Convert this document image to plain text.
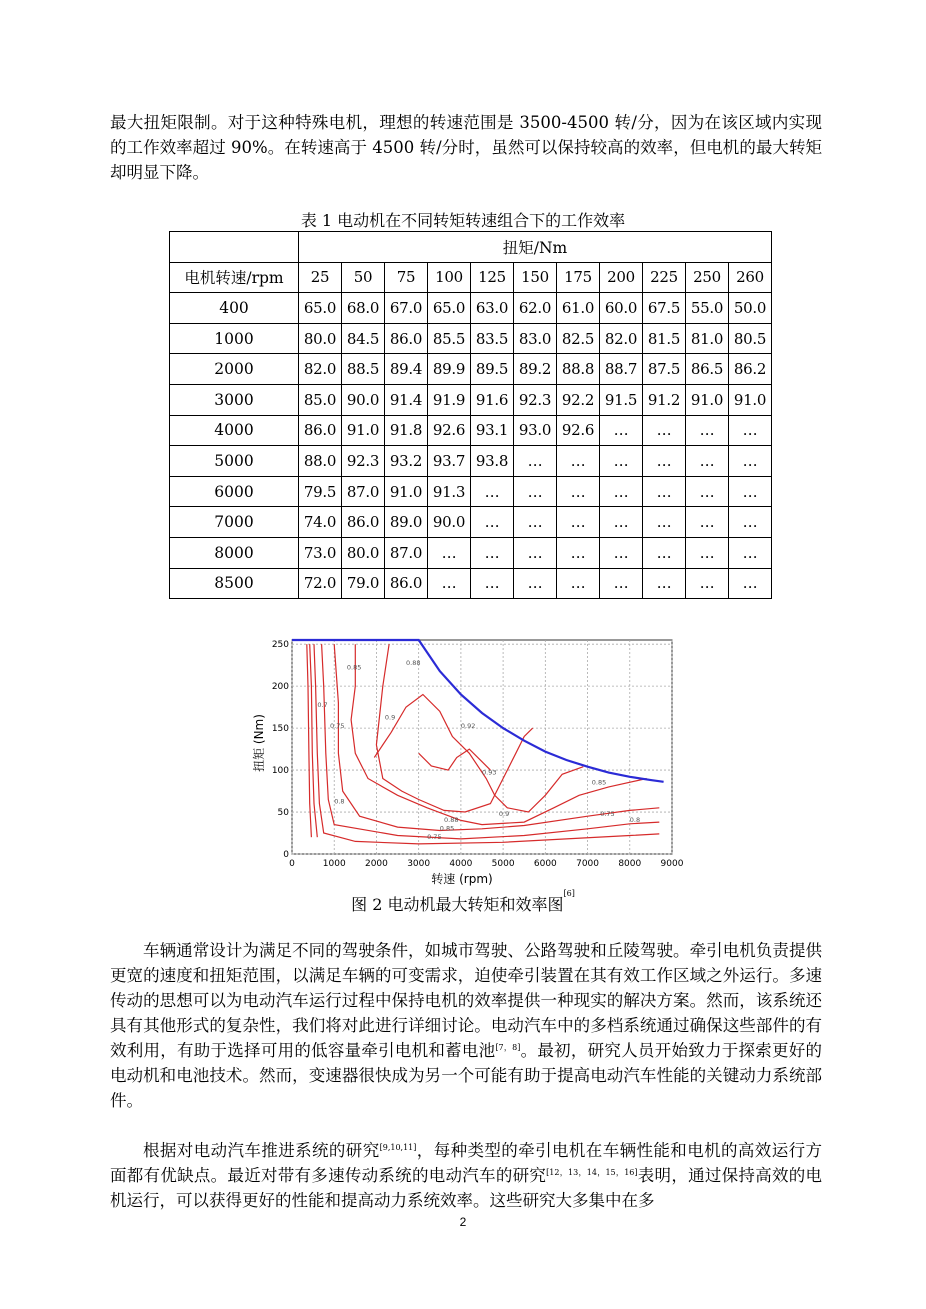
最大扭矩限制。对于这种特殊电机，理想的转速范围是 3500-4500 转/分，因为在该区域内实现的工作效率超过 90%。在转速高于 4500 转/分时，虽然可以保持较高的效率，但电机的最大转矩却明显下降。

表 1 电动机在不同转矩转速组合下的工作效率
	扭矩/Nm										
电机转速/rpm	25	50	75	100	125	150	175	200	225	250	260
400	65.0	68.0	67.0	65.0	63.0	62.0	61.0	60.0	67.5	55.0	50.0
1000	80.0	84.5	86.0	85.5	83.5	83.0	82.5	82.0	81.5	81.0	80.5
2000	82.0	88.5	89.4	89.9	89.5	89.2	88.8	88.7	87.5	86.5	86.2
3000	85.0	90.0	91.4	91.9	91.6	92.3	92.2	91.5	91.2	91.0	91.0
4000	86.0	91.0	91.8	92.6	93.1	93.0	92.6	…	…	…	…
5000	88.0	92.3	93.2	93.7	93.8	…	…	…	…	…	…
6000	79.5	87.0	91.0	91.3	…	…	…	…	…	…	…
7000	74.0	86.0	89.0	90.0	…	…	…	…	…	…	…
8000	73.0	80.0	87.0	…	…	…	…	…	…	…	…
8500	72.0	79.0	86.0	…	…	…	…	…	…	…	…
0	1000 2000 3000 4000 5000 6000 7000 8000 9000
0
50
100
150
200
250
0.7
0.75
0.8
0.85
0.88
0.9
0.92
0.93
0.88
0.85
0.75
0.75
0.8
0.85
0.9
转速 (rpm)
扭矩 (Nm)
图 2 电动机最大转矩和效率图[6]

车辆通常设计为满足不同的驾驶条件，如城市驾驶、公路驾驶和丘陵驾驶。牵引电机负责提供更宽的速度和扭矩范围，以满足车辆的可变需求，迫使牵引装置在其有效工作区域之外运行。多速传动的思想可以为电动汽车运行过程中保持电机的效率提供一种现实的解决方案。然而，该系统还具有其他形式的复杂性，我们将对此进行详细讨论。电动汽车中的多档系统通过确保这些部件的有效利用，有助于选择可用的低容量牵引电机和蓄电池[7，8]。最初，研究人员开始致力于探索更好的电动机和电池技术。然而，变速器很快成为另一个可能有助于提高电动汽车性能的关键动力系统部件。

根据对电动汽车推进系统的研究[9,10,11]，每种类型的牵引电机在车辆性能和电机的高效运行方面都有优缺点。最近对带有多速传动系统的电动汽车的研究[12，13，14，15，16]表明，通过保持高效的电机运行，可以获得更好的性能和提高动力系统效率。这些研究大多集中在多

2
